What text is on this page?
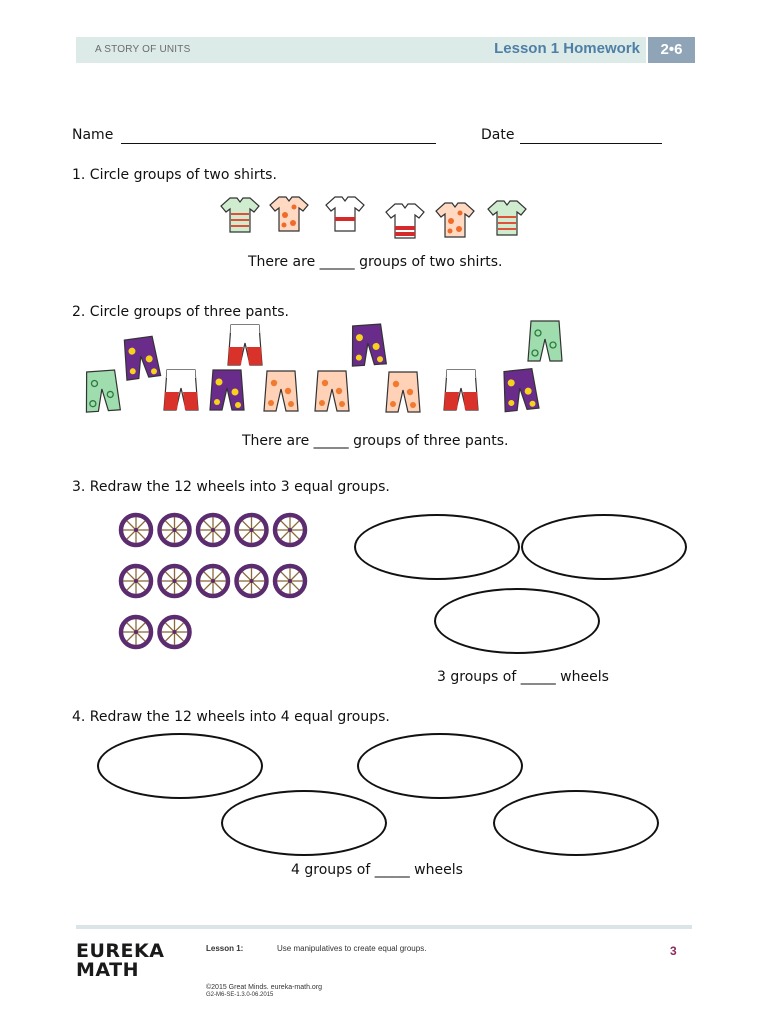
A STORY OF UNITS	Lesson 1 Homework	2•6
Name	Date
1. Circle groups of two shirts.
There are _____ groups of two shirts.
2. Circle groups of three pants.
There are _____ groups of three pants.
3. Redraw the 12 wheels into 3 equal groups.
3 groups of _____ wheels
4. Redraw the 12 wheels into 4 equal groups.
4 groups of _____ wheels
EUREKA
MATH
Lesson 1:	Use manipulatives to create equal groups.	3
©2015 Great Minds. eureka-math.org
G2-M6-SE-1.3.0-06.2015
